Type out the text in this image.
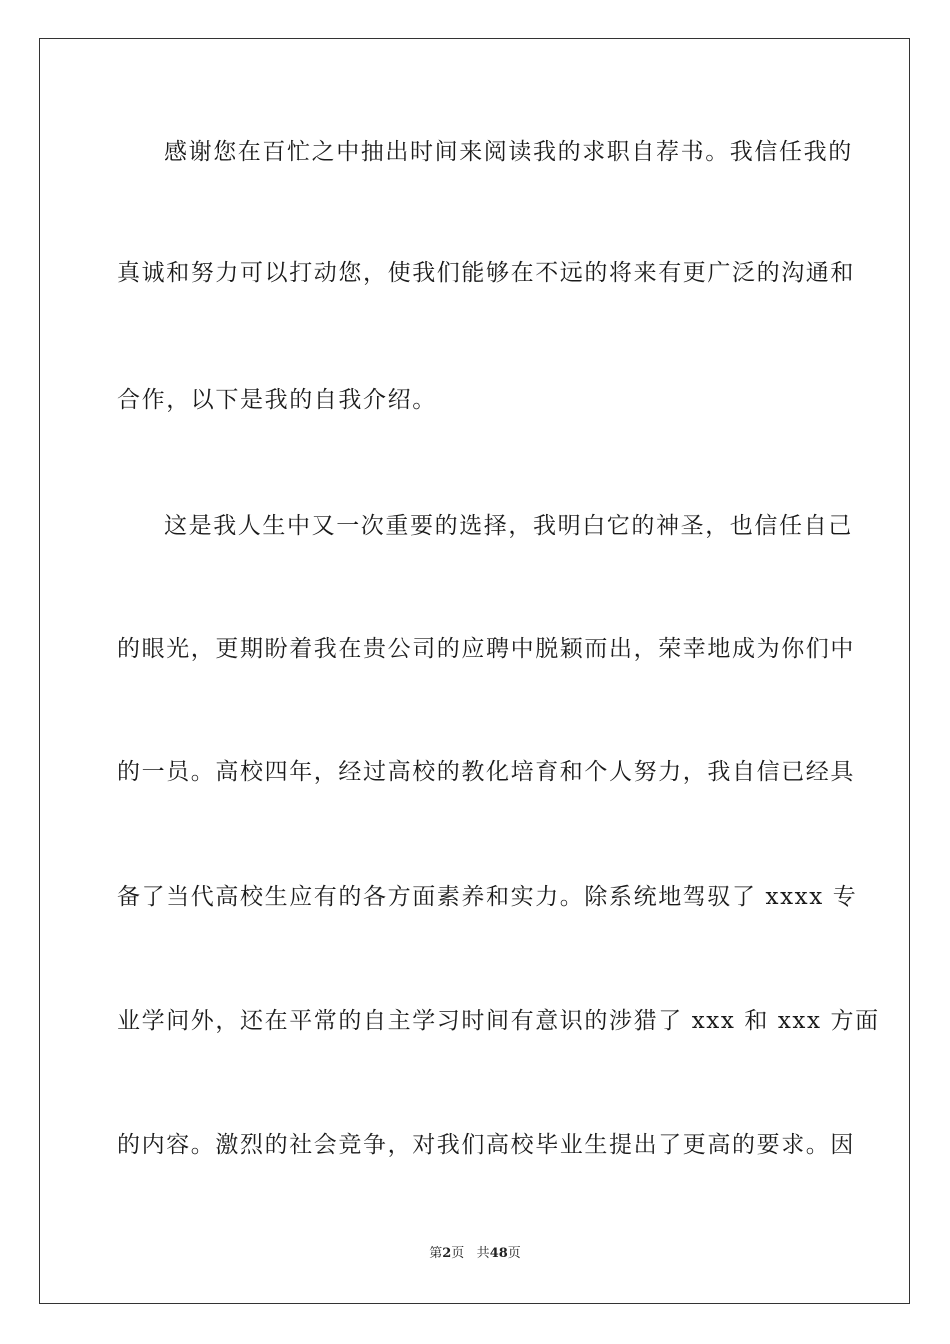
感谢您在百忙之中抽出时间来阅读我的求职自荐书。我信任我的
真诚和努力可以打动您，使我们能够在不远的将来有更广泛的沟通和
合作，以下是我的自我介绍。
这是我人生中又一次重要的选择，我明白它的神圣，也信任自己
的眼光，更期盼着我在贵公司的应聘中脱颖而出，荣幸地成为你们中
的一员。高校四年，经过高校的教化培育和个人努力，我自信已经具
备了当代高校生应有的各方面素养和实力。除系统地驾驭了 xxxx 专
业学问外，还在平常的自主学习时间有意识的涉猎了 xxx 和 xxx 方面
的内容。激烈的社会竞争，对我们高校毕业生提出了更高的要求。因
第2页 共48页
